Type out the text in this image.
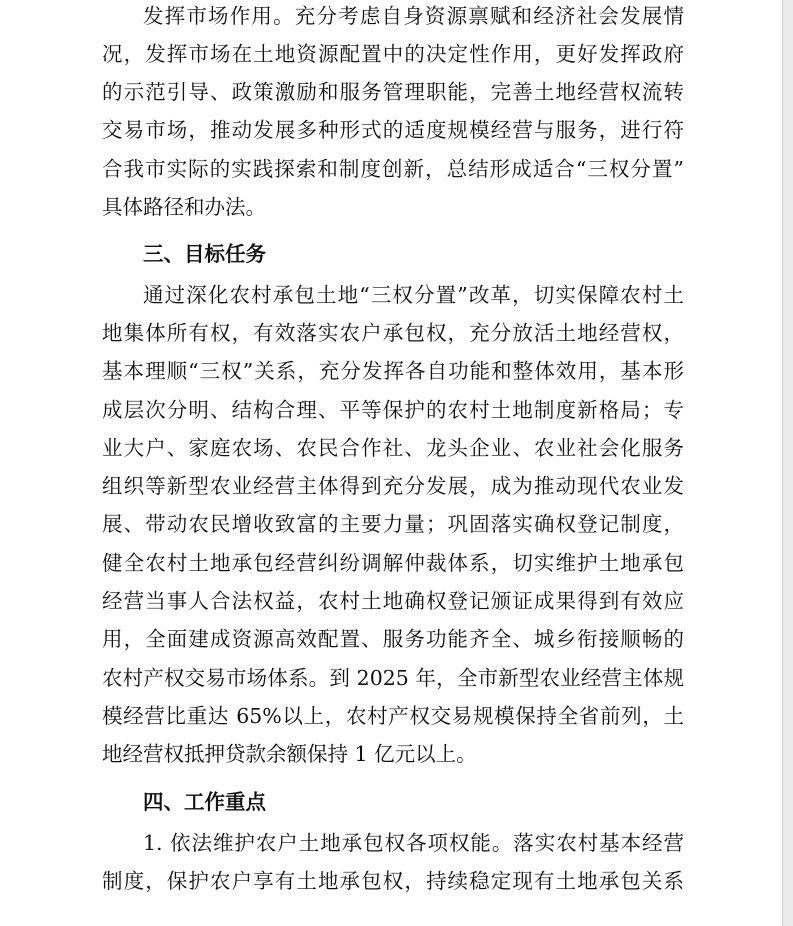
发挥市场作用。充分考虑自身资源禀赋和经济社会发展情
况，发挥市场在土地资源配置中的决定性作用，更好发挥政府
的示范引导、政策激励和服务管理职能，完善土地经营权流转
交易市场，推动发展多种形式的适度规模经营与服务，进行符
合我市实际的实践探索和制度创新，总结形成适合“三权分置”
具体路径和办法。
三、目标任务
通过深化农村承包土地“三权分置”改革，切实保障农村土
地集体所有权，有效落实农户承包权，充分放活土地经营权，
基本理顺“三权”关系，充分发挥各自功能和整体效用，基本形
成层次分明、结构合理、平等保护的农村土地制度新格局；专
业大户、家庭农场、农民合作社、龙头企业、农业社会化服务
组织等新型农业经营主体得到充分发展，成为推动现代农业发
展、带动农民增收致富的主要力量；巩固落实确权登记制度，
健全农村土地承包经营纠纷调解仲裁体系，切实维护土地承包
经营当事人合法权益，农村土地确权登记颁证成果得到有效应
用，全面建成资源高效配置、服务功能齐全、城乡衔接顺畅的
农村产权交易市场体系。到 2025 年，全市新型农业经营主体规
模经营比重达 65%以上，农村产权交易规模保持全省前列，土
地经营权抵押贷款余额保持 1 亿元以上。
四、工作重点
1. 依法维护农户土地承包权各项权能。落实农村基本经营
制度，保护农户享有土地承包权，持续稳定现有土地承包关系
